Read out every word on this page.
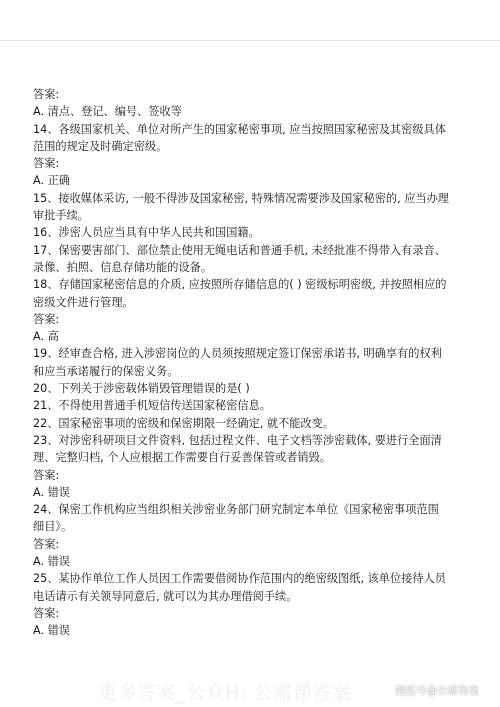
答案:
A. 清点、登记、编号、签收等
14、各级国家机关、单位对所产生的国家秘密事项, 应当按照国家秘密及其密级具体
范围的规定及时确定密级。
答案:
A. 正确
15、接收媒体采访, 一般不得涉及国家秘密, 特殊情况需要涉及国家秘密的, 应当办理
审批手续。
16、涉密人员应当具有中华人民共和国国籍。
17、保密要害部门、部位禁止使用无绳电话和普通手机, 未经批准不得带入有录音、
录像、拍照、信息存储功能的设备。
18、存储国家秘密信息的介质, 应按照所存储信息的( ) 密级标明密级, 并按照相应的
密级文件进行管理。
答案:
A. 高
19、经审查合格, 进入涉密岗位的人员须按照规定签订保密承诺书, 明确享有的权利
和应当承诺履行的保密义务。
20、下列关于涉密载体销毁管理错误的是( )
21、不得使用普通手机短信传送国家秘密信息。
22、国家秘密事项的密级和保密期限一经确定, 就不能改变。
23、对涉密科研项目文件资料, 包括过程文件、电子文档等涉密载体, 要进行全面清
理、完整归档, 个人应根据工作需要自行妥善保管或者销毁。
答案:
A. 错误
24、保密工作机构应当组织相关涉密业务部门研究制定本单位《国家秘密事项范围
细目》。
答案:
A. 错误
25、某协作单位工作人员因工作需要借阅协作范围内的绝密级图纸, 该单位接待人员
电话请示有关领导同意后, 就可以为其办理借阅手续。
答案:
A. 错误
更多答案_公众H: 公需课答案	搜狐号@公需答案
